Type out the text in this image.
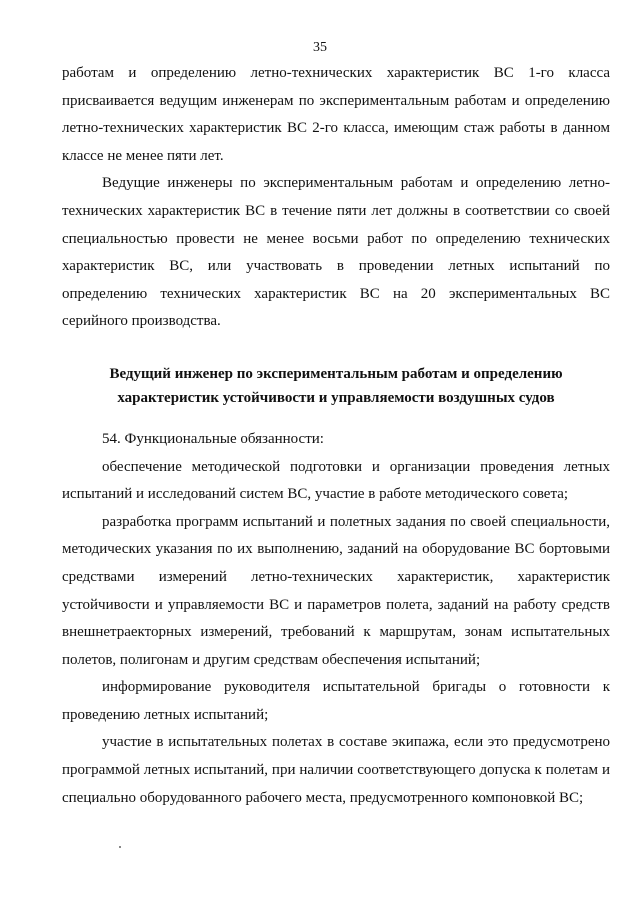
35

работам и определению летно-технических характеристик ВС 1-го класса присваивается ведущим инженерам по экспериментальным работам и определению летно-технических характеристик ВС 2-го класса, имеющим стаж работы в данном классе не менее пяти лет.

Ведущие инженеры по экспериментальным работам и определению летно-технических характеристик ВС в течение пяти лет должны в соответствии со своей специальностью провести не менее восьми работ по определению технических характеристик ВС, или участвовать в проведении летных испытаний по определению технических характеристик ВС на 20 экспериментальных ВС серийного производства.

Ведущий инженер по экспериментальным работам и определению
характеристик устойчивости и управляемости воздушных судов

54. Функциональные обязанности:

обеспечение методической подготовки и организации проведения летных испытаний и исследований систем ВС, участие в работе методического совета;

разработка программ испытаний и полетных задания по своей специальности, методических указания по их выполнению, заданий на оборудование ВС бортовыми средствами измерений летно-технических характеристик, характеристик устойчивости и управляемости ВС и параметров полета, заданий на работу средств внешнетраекторных измерений, требований к маршрутам, зонам испытательных полетов, полигонам и другим средствам обеспечения испытаний;

информирование руководителя испытательной бригады о готовности к проведению летных испытаний;

участие в испытательных полетах в составе экипажа, если это предусмотрено программой летных испытаний, при наличии соответствующего допуска к полетам и специально оборудованного рабочего места, предусмотренного компоновкой ВС;
